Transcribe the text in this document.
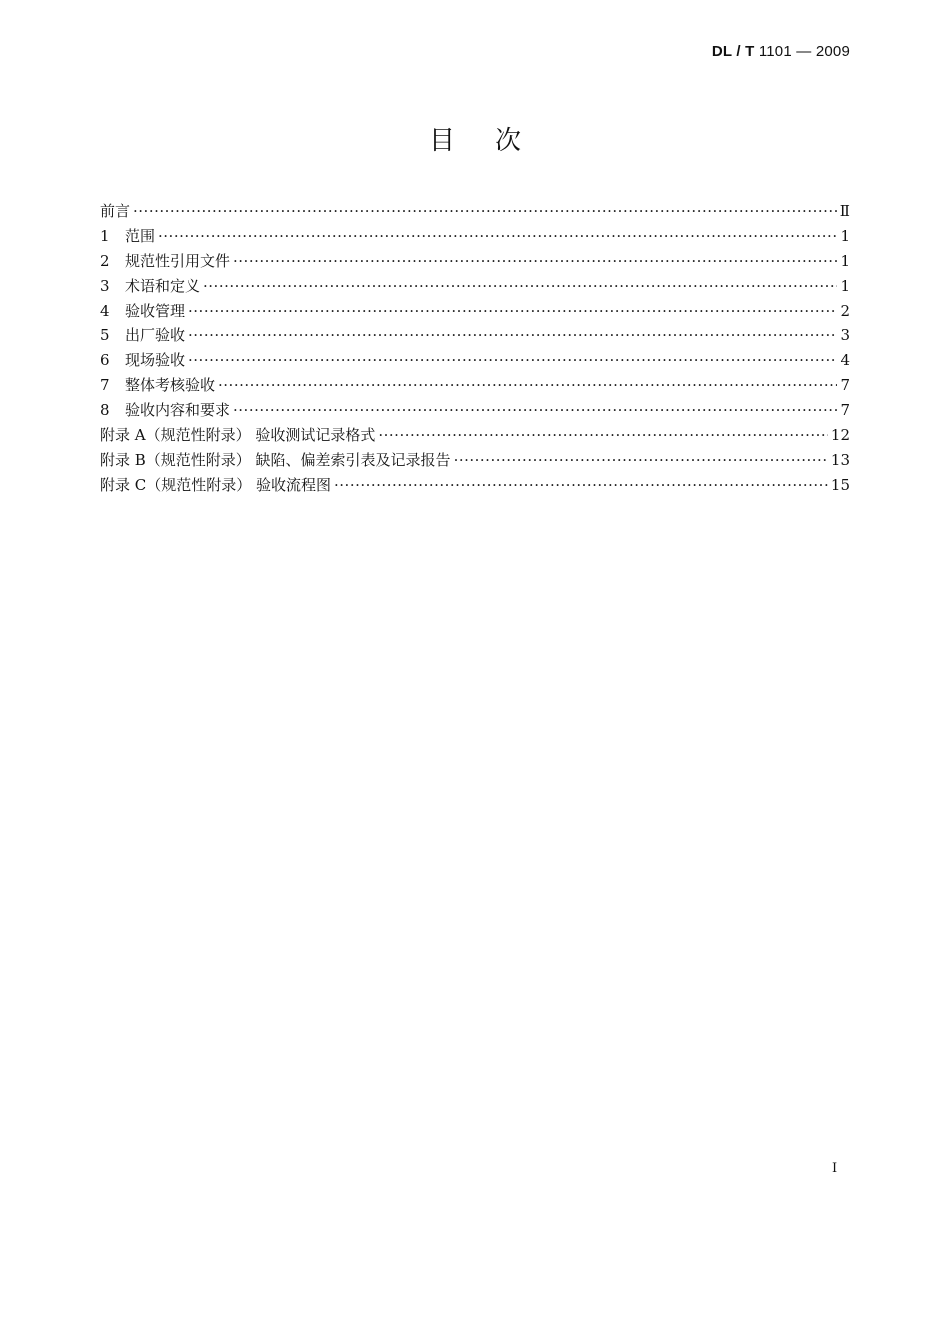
DL / T 1101 — 2009
目次
前言 ·····	Ⅱ
1	范围 ·····	1
2	规范性引用文件 ·····	1
3	术语和定义 ·····	1
4	验收管理 ·····	2
5	出厂验收 ·····	3
6	现场验收 ·····	4
7	整体考核验收 ·····	7
8	验收内容和要求 ·····	7
附录 A（规范性附录） 验收测试记录格式 ·····	12
附录 B（规范性附录） 缺陷、偏差索引表及记录报告 ·····	13
附录 C（规范性附录） 验收流程图 ·····	15
I
